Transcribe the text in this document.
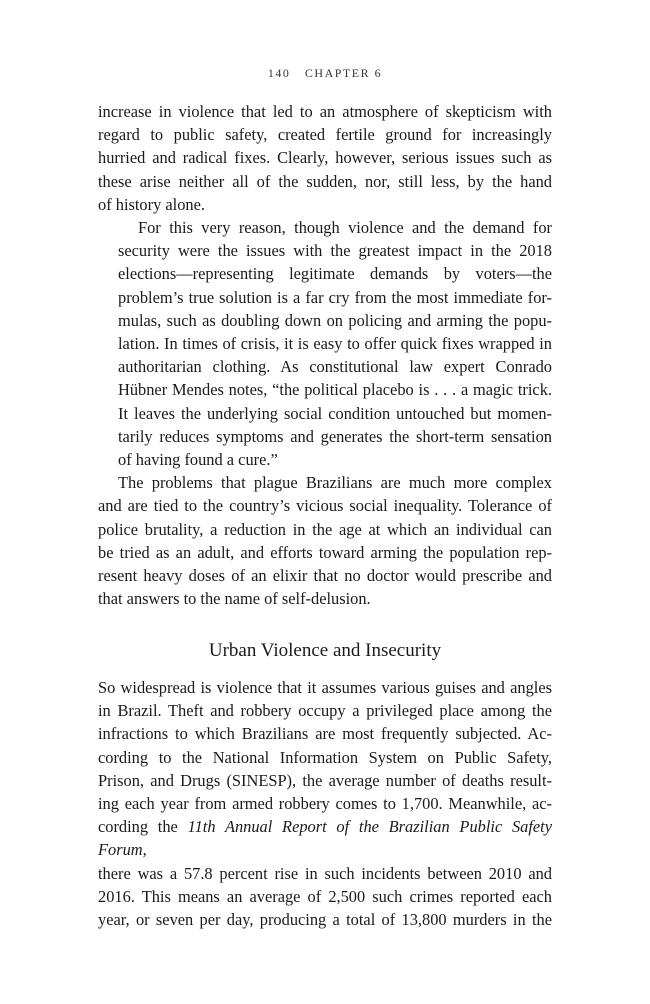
140 CHAPTER 6

increase in violence that led to an atmosphere of skepticism with
regard to public safety, created fertile ground for increasingly
hurried and radical fixes. Clearly, however, serious issues such as
these arise neither all of the sudden, nor, still less, by the hand
of history alone.

For this very reason, though violence and the demand for
security were the issues with the greatest impact in the 2018
elections—representing legitimate demands by voters—the
problem’s true solution is a far cry from the most immediate for-
mulas, such as doubling down on policing and arming the popu-
lation. In times of crisis, it is easy to offer quick fixes wrapped in
authoritarian clothing. As constitutional law expert Conrado
Hübner Mendes notes, “the political placebo is . . . a magic trick.
It leaves the underlying social condition untouched but momen-
tarily reduces symptoms and generates the short-term sensation
of having found a cure.”

The problems that plague Brazilians are much more complex
and are tied to the country’s vicious social inequality. Tolerance of
police brutality, a reduction in the age at which an individual can
be tried as an adult, and efforts toward arming the population rep-
resent heavy doses of an elixir that no doctor would prescribe and
that answers to the name of self-delusion.

Urban Violence and Insecurity

So widespread is violence that it assumes various guises and angles
in Brazil. Theft and robbery occupy a privileged place among the
infractions to which Brazilians are most frequently subjected. Ac-
cording to the National Information System on Public Safety,
Prison, and Drugs (SINESP), the average number of deaths result-
ing each year from armed robbery comes to 1,700. Meanwhile, ac-
cording the 11th Annual Report of the Brazilian Public Safety Forum,
there was a 57.8 percent rise in such incidents between 2010 and
2016. This means an average of 2,500 such crimes reported each
year, or seven per day, producing a total of 13,800 murders in the
